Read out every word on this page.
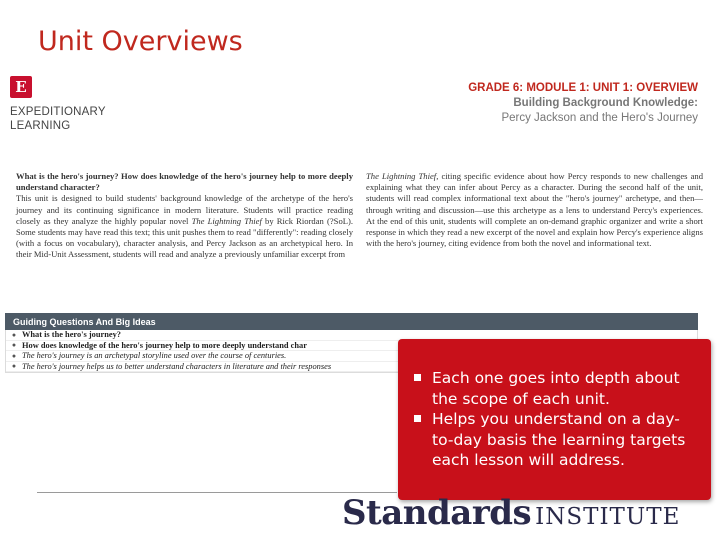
Unit Overviews
E
EXPEDITIONARY
LEARNING
GRADE 6: MODULE 1: UNIT 1: OVERVIEW
Building Background Knowledge:
Percy Jackson and the Hero's Journey

What is the hero's journey? How does knowledge of the hero's journey help to more deeply understand character?

This unit is designed to build students' background knowledge of the archetype of the hero's journey and its continuing significance in modern literature. Students will practice reading closely as they analyze the highly popular novel The Lightning Thief by Rick Riordan (?SoL). Some students may have read this text; this unit pushes them to read "differently": reading closely (with a focus on vocabulary), character analysis, and Percy Jackson as an archetypical hero. In their Mid-Unit Assessment, students will read and analyze a previously unfamiliar excerpt from

The Lightning Thief, citing specific evidence about how Percy responds to new challenges and explaining what they can infer about Percy as a character. During the second half of the unit, students will read complex informational text about the "hero's journey" archetype, and then—through writing and discussion—use this archetype as a lens to understand Percy's experiences. At the end of this unit, students will complete an on-demand graphic organizer and write a short response in which they read a new excerpt of the novel and explain how Percy's experience aligns with the hero's journey, citing evidence from both the novel and informational text.

Guiding Questions And Big Ideas
● What is the hero's journey?
● How does knowledge of the hero's journey help to more deeply understand char
● The hero's journey is an archetypal storyline used over the course of centuries.
● The hero's journey helps us to better understand characters in literature and their responses
Each one goes into depth about the scope of each unit.
Helps you understand on a day-to-day basis the learning targets each lesson will address.
Standards INSTITUTE
